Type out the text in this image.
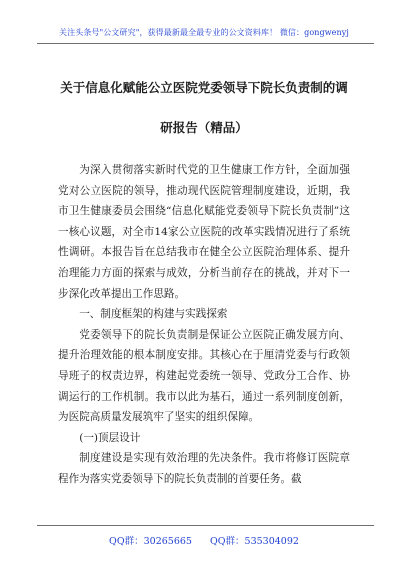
关注头条号"公文研究"，获得最新最全最专业的公文资料库！ 微信：gongwenyj
关于信息化赋能公立医院党委领导下院长负责制的调研报告（精品）

为深入贯彻落实新时代党的卫生健康工作方针，全面加强党对公立医院的领导，推动现代医院管理制度建设，近期，我市卫生健康委员会围绕“信息化赋能党委领导下院长负责制”这一核心议题，对全市14家公立医院的改革实践情况进行了系统性调研。本报告旨在总结我市在健全公立医院治理体系、提升治理能力方面的探索与成效，分析当前存在的挑战，并对下一步深化改革提出工作思路。

一、制度框架的构建与实践探索

党委领导下的院长负责制是保证公立医院正确发展方向、提升治理效能的根本制度安排。其核心在于厘清党委与行政领导班子的权责边界，构建起党委统一领导、党政分工合作、协调运行的工作机制。我市以此为基石，通过一系列制度创新，为医院高质量发展筑牢了坚实的组织保障。

(一)顶层设计

制度建设是实现有效治理的先决条件。我市将修订医院章程作为落实党委领导下的院长负责制的首要任务。截

QQ群：30265665 QQ群：535304092
